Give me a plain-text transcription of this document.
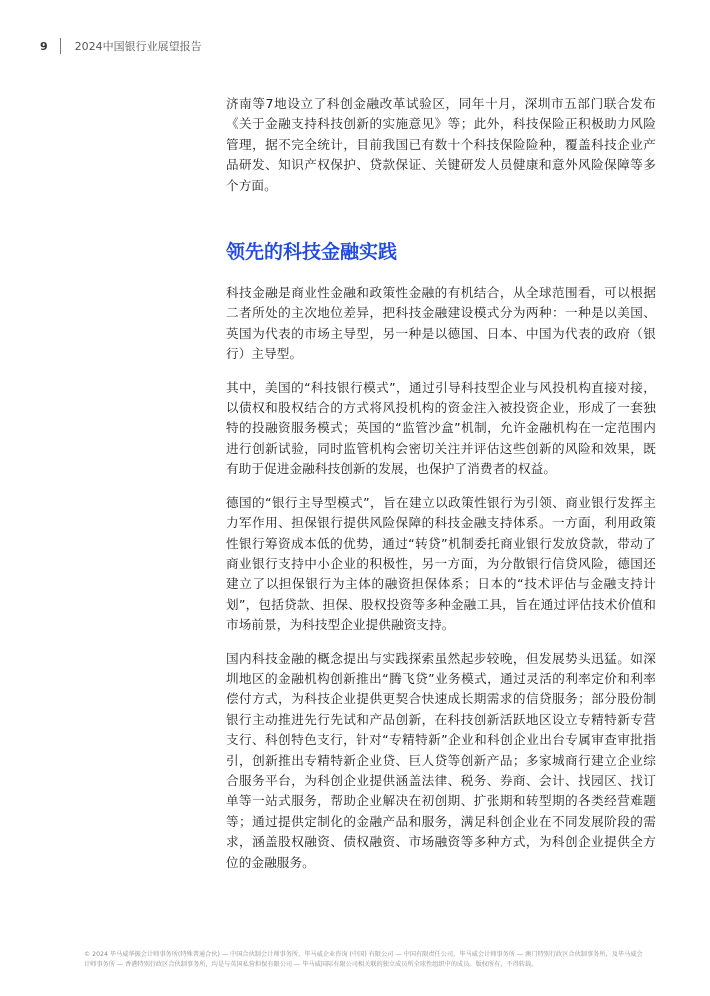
9 2024中国银行业展望报告

济南等7地设立了科创金融改革试验区，同年十月，深圳市五部门联合发布《关于金融支持科技创新的实施意见》等；此外，科技保险正积极助力风险管理，据不完全统计，目前我国已有数十个科技保险险种，覆盖科技企业产品研发、知识产权保护、贷款保证、关键研发人员健康和意外风险保障等多个方面。

领先的科技金融实践

科技金融是商业性金融和政策性金融的有机结合，从全球范围看，可以根据二者所处的主次地位差异，把科技金融建设模式分为两种：一种是以美国、英国为代表的市场主导型，另一种是以德国、日本、中国为代表的政府（银行）主导型。

其中，美国的“科技银行模式”，通过引导科技型企业与风投机构直接对接，以债权和股权结合的方式将风投机构的资金注入被投资企业，形成了一套独特的投融资服务模式；英国的“监管沙盒”机制，允许金融机构在一定范围内进行创新试验，同时监管机构会密切关注并评估这些创新的风险和效果，既有助于促进金融科技创新的发展，也保护了消费者的权益。

德国的“银行主导型模式”，旨在建立以政策性银行为引领、商业银行发挥主力军作用、担保银行提供风险保障的科技金融支持体系。一方面，利用政策性银行筹资成本低的优势，通过“转贷”机制委托商业银行发放贷款，带动了商业银行支持中小企业的积极性，另一方面，为分散银行信贷风险，德国还建立了以担保银行为主体的融资担保体系；日本的“技术评估与金融支持计划”，包括贷款、担保、股权投资等多种金融工具，旨在通过评估技术价值和市场前景，为科技型企业提供融资支持。

国内科技金融的概念提出与实践探索虽然起步较晚，但发展势头迅猛。如深圳地区的金融机构创新推出“腾飞贷”业务模式，通过灵活的利率定价和利率偿付方式，为科技企业提供更契合快速成长期需求的信贷服务；部分股份制银行主动推进先行先试和产品创新，在科技创新活跃地区设立专精特新专营支行、科创特色支行，针对“专精特新”企业和科创企业出台专属审查审批指引，创新推出专精特新企业贷、巨人贷等创新产品；多家城商行建立企业综合服务平台，为科创企业提供涵盖法律、税务、券商、会计、找园区、找订单等一站式服务，帮助企业解决在初创期、扩张期和转型期的各类经营难题等；通过提供定制化的金融产品和服务，满足科创企业在不同发展阶段的需求，涵盖股权融资、债权融资、市场融资等多种方式，为科创企业提供全方位的金融服务。

© 2024 毕马威华振会计师事务所(特殊普通合伙) — 中国合伙制会计师事务所，毕马威企业咨询 (中国) 有限公司 — 中国有限责任公司，毕马威会计师事务所 — 澳门特别行政区合伙制事务所，及毕马威会计师事务所 — 香港特别行政区合伙制事务所，均是与英国私营担保有限公司 — 毕马威国际有限公司相关联的独立成员所全球性组织中的成员。版权所有，不得转载。
